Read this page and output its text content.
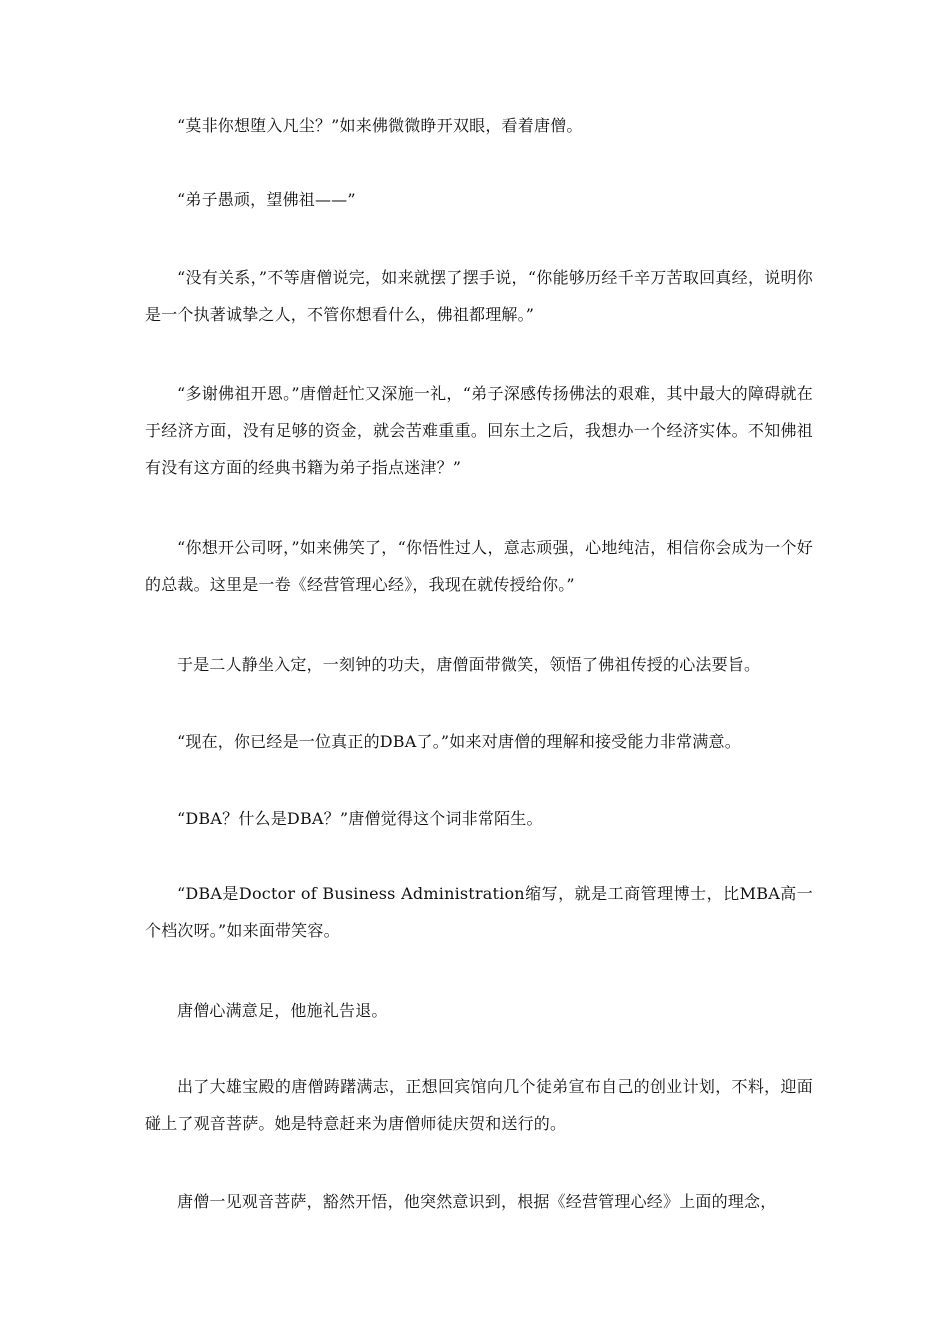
“莫非你想堕入凡尘？”如来佛微微睁开双眼，看着唐僧。

“弟子愚顽，望佛祖——”

“没有关系，”不等唐僧说完，如来就摆了摆手说，“你能够历经千辛万苦取回真经，说明你是一个执著诚挚之人，不管你想看什么，佛祖都理解。”

“多谢佛祖开恩。”唐僧赶忙又深施一礼，“弟子深感传扬佛法的艰难，其中最大的障碍就在于经济方面，没有足够的资金，就会苦难重重。回东土之后，我想办一个经济实体。不知佛祖有没有这方面的经典书籍为弟子指点迷津？”

“你想开公司呀，”如来佛笑了，“你悟性过人，意志顽强，心地纯洁，相信你会成为一个好的总裁。这里是一卷《经营管理心经》，我现在就传授给你。”

于是二人静坐入定，一刻钟的功夫，唐僧面带微笑，领悟了佛祖传授的心法要旨。

“现在，你已经是一位真正的DBA了。”如来对唐僧的理解和接受能力非常满意。

“DBA？什么是DBA？”唐僧觉得这个词非常陌生。

“DBA是Doctor of Business Administration缩写，就是工商管理博士，比MBA高一个档次呀。”如来面带笑容。

唐僧心满意足，他施礼告退。

出了大雄宝殿的唐僧踌躇满志，正想回宾馆向几个徒弟宣布自己的创业计划，不料，迎面碰上了观音菩萨。她是特意赶来为唐僧师徒庆贺和送行的。

唐僧一见观音菩萨，豁然开悟，他突然意识到，根据《经营管理心经》上面的理念，
